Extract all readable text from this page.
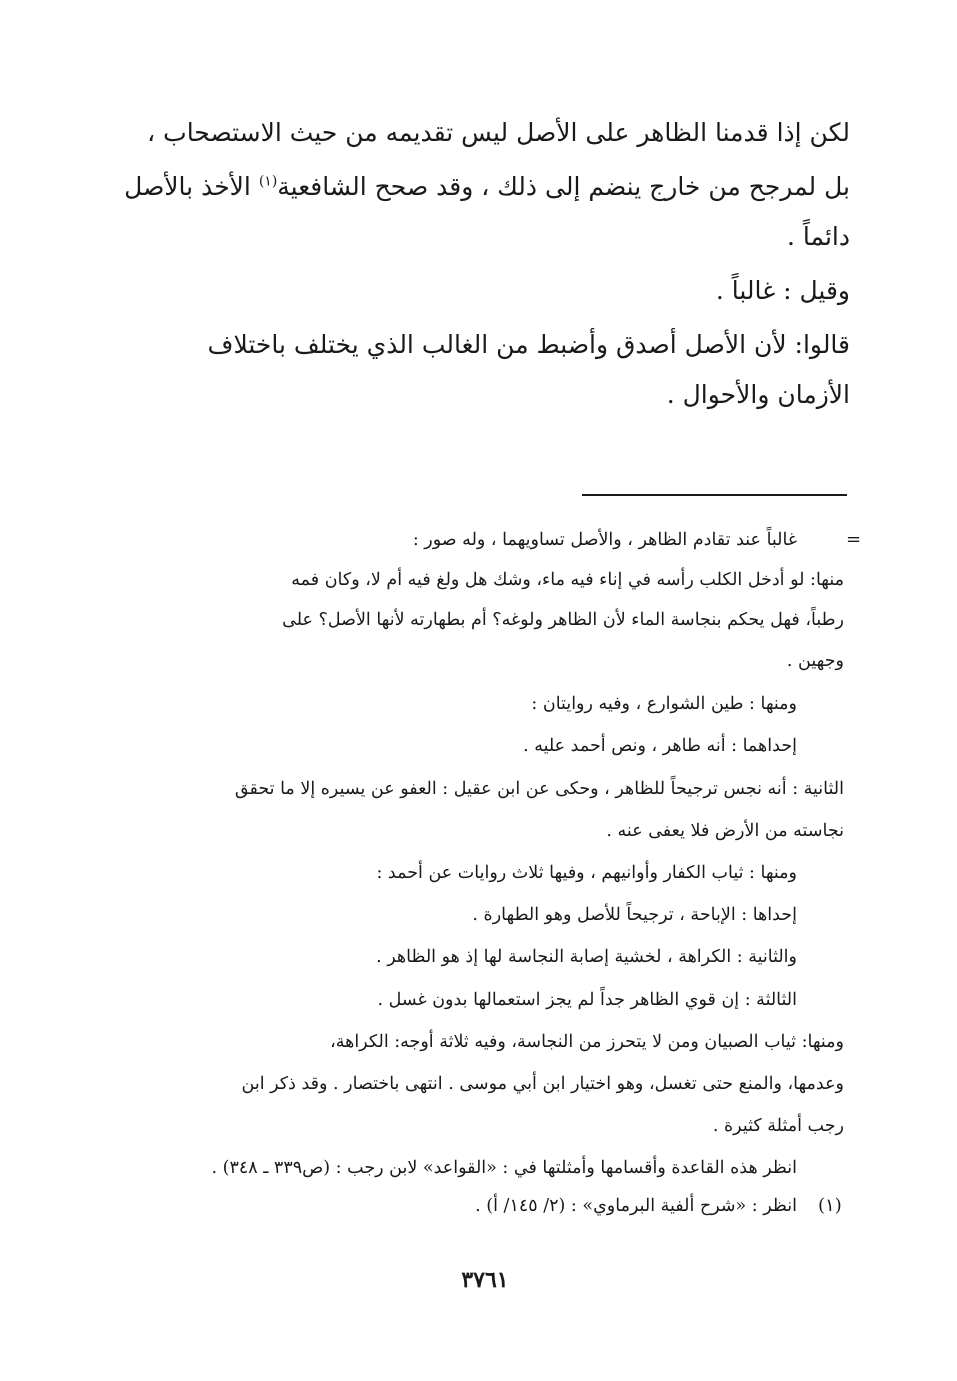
لكن إذا قدمنا الظاهر على الأصل ليس تقديمه من حيث الاستصحاب ،
بل لمرجح من خارج ينضم إلى ذلك ، وقد صحح الشافعية$^{(١)}$ الأخذ بالأصل
دائماً .
وقيل : غالباً .
قالوا: لأن الأصل أصدق وأضبط من الغالب الذي يختلف باختلاف
الأزمان والأحوال .
=
غالباً عند تقادم الظاهر ، والأصل تساويهما ، وله صور :
منها: لو أدخل الكلب رأسه في إناء فيه ماء، وشك هل ولغ فيه أم لا، وكان فمه
رطباً، فهل يحكم بنجاسة الماء لأن الظاهر ولوغه؟ أم بطهارته لأنها الأصل؟ على
وجهين .
ومنها : طين الشوارع ، وفيه روايتان :
إحداهما : أنه طاهر ، ونص أحمد عليه .
الثانية : أنه نجس ترجيحاً للظاهر ، وحكى عن ابن عقيل : العفو عن يسيره إلا ما تحقق
نجاسته من الأرض فلا يعفى عنه .
ومنها : ثياب الكفار وأوانيهم ، وفيها ثلاث روايات عن أحمد :
إحداها : الإباحة ، ترجيحاً للأصل وهو الطهارة .
والثانية : الكراهة ، لخشية إصابة النجاسة لها إذ هو الظاهر .
الثالثة : إن قوي الظاهر جداً لم يجز استعمالها بدون غسل .
ومنها: ثياب الصبيان ومن لا يتحرز من النجاسة، وفيه ثلاثة أوجه: الكراهة،
وعدمها، والمنع حتى تغسل، وهو اختيار ابن أبي موسى . انتهى باختصار . وقد ذكر ابن
رجب أمثلة كثيرة .
انظر هذه القاعدة وأقسامها وأمثلتها في : «القواعد» لابن رجب : (ص٣٣٩ ـ ٣٤٨) .
(١)
انظر : «شرح ألفية البرماوي» : (٢/ ١٤٥/ أ) .
٣٧٦١
